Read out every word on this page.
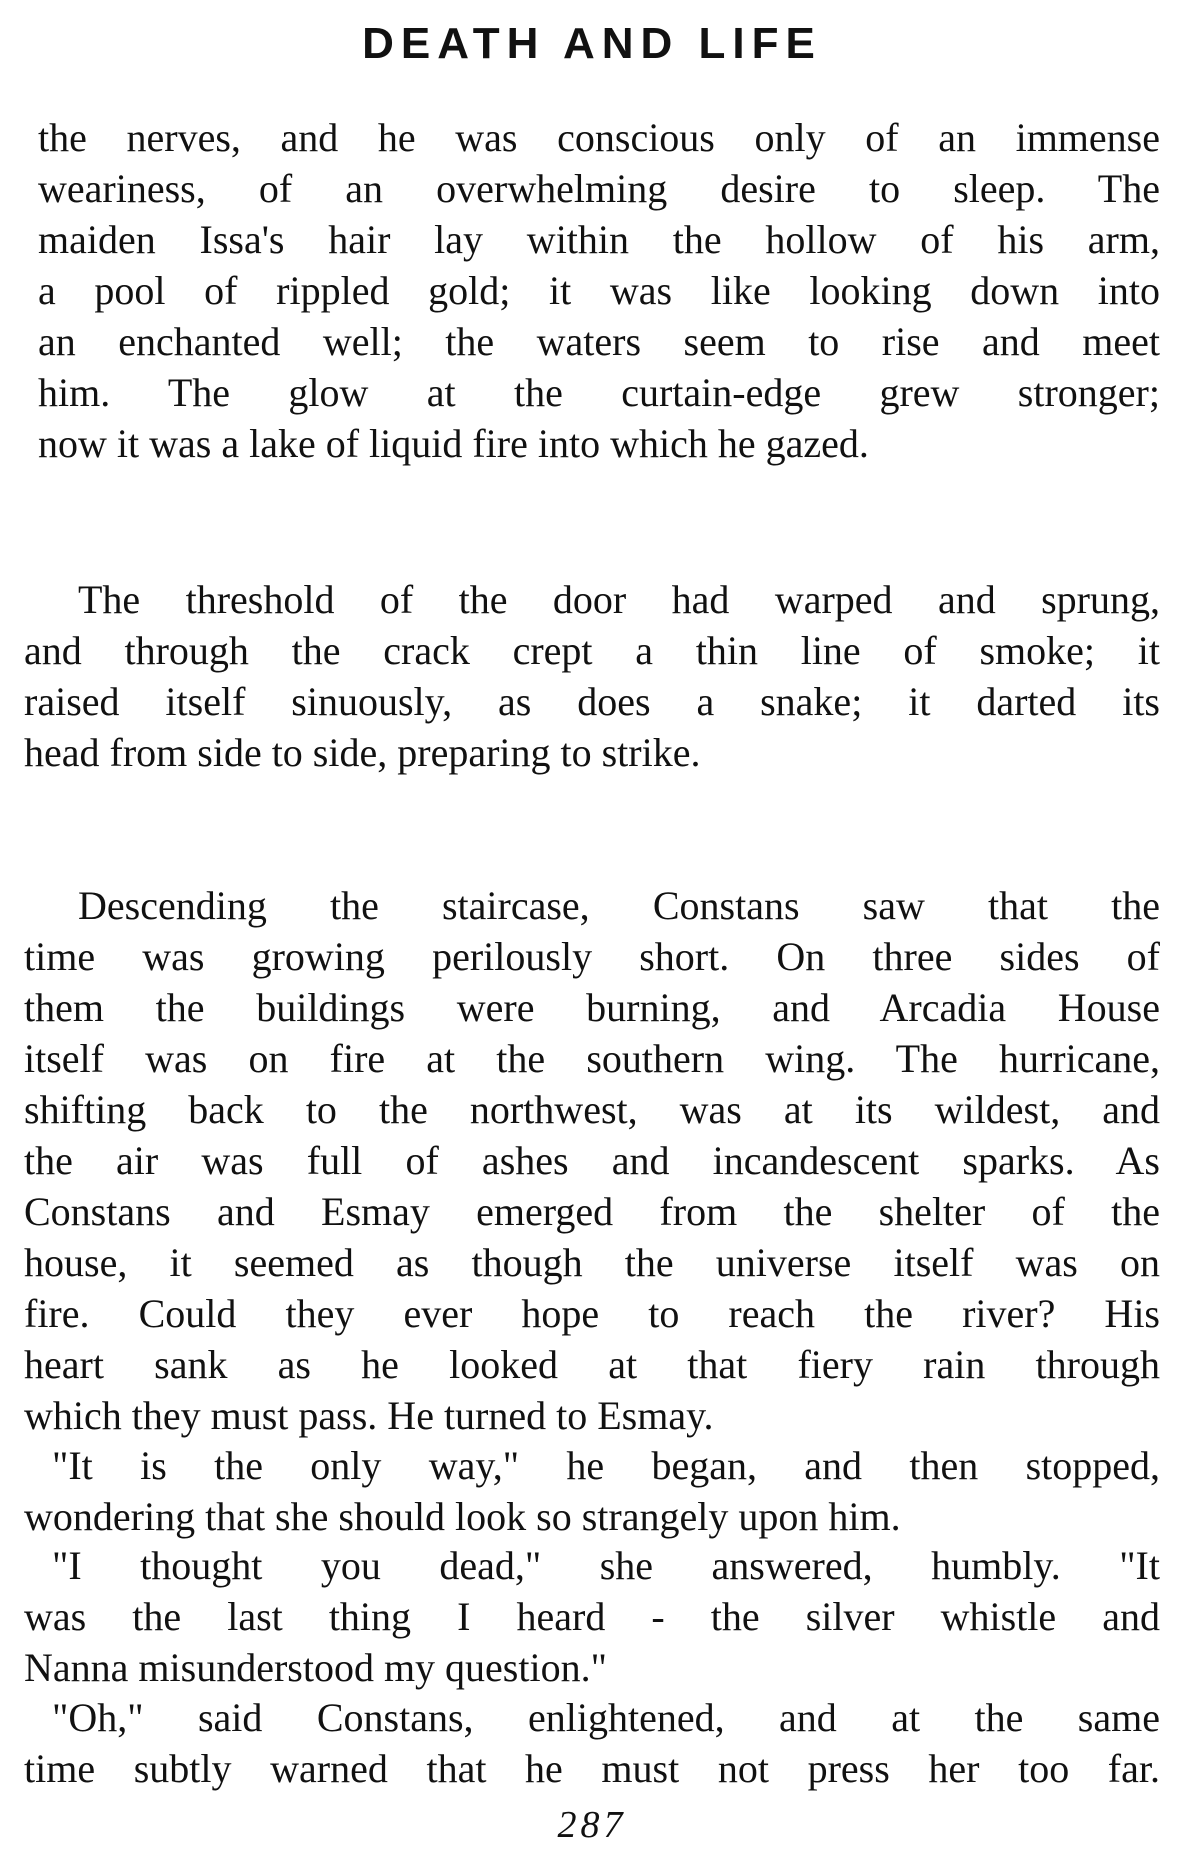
DEATH AND LIFE
the nerves, and he was conscious only of an immense
weariness, of an overwhelming desire to sleep. The
maiden Issa's hair lay within the hollow of his arm,
a pool of rippled gold; it was like looking down into
an enchanted well; the waters seem to rise and meet
him. The glow at the curtain-edge grew stronger;
now it was a lake of liquid fire into which he gazed.
The threshold of the door had warped and sprung,
and through the crack crept a thin line of smoke; it
raised itself sinuously, as does a snake; it darted its
head from side to side, preparing to strike.
Descending the staircase, Constans saw that the
time was growing perilously short. On three sides of
them the buildings were burning, and Arcadia House
itself was on fire at the southern wing. The hurricane,
shifting back to the northwest, was at its wildest, and
the air was full of ashes and incandescent sparks. As
Constans and Esmay emerged from the shelter of the
house, it seemed as though the universe itself was on
fire. Could they ever hope to reach the river? His
heart sank as he looked at that fiery rain through
which they must pass. He turned to Esmay.
"It is the only way," he began, and then stopped,
wondering that she should look so strangely upon him.
"I thought you dead," she answered, humbly. "It
was the last thing I heard - the silver whistle and
Nanna misunderstood my question."
"Oh," said Constans, enlightened, and at the same
time subtly warned that he must not press her too far.
287
